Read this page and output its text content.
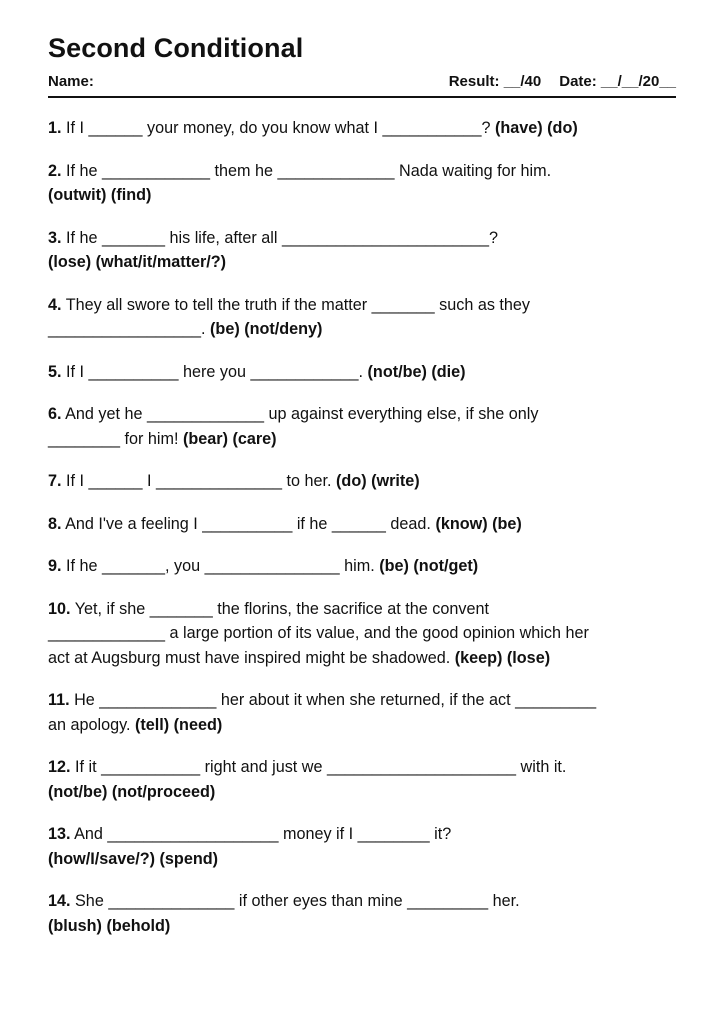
Second Conditional
Name:	Result: __/40 Date: __/__/20__
1. If I ______ your money, do you know what I ___________? (have) (do)
2. If he ____________ them he _____________ Nada waiting for him.
(outwit) (find)
3. If he _______ his life, after all _______________________?
(lose) (what/it/matter/?)
4. They all swore to tell the truth if the matter _______ such as they
_________________. (be) (not/deny)
5. If I __________ here you ____________. (not/be) (die)
6. And yet he _____________ up against everything else, if she only
________ for him! (bear) (care)
7. If I ______ I ______________ to her. (do) (write)
8. And I've a feeling I __________ if he ______ dead. (know) (be)
9. If he _______, you _______________ him. (be) (not/get)
10. Yet, if she _______ the florins, the sacrifice at the convent
_____________ a large portion of its value, and the good opinion which her
act at Augsburg must have inspired might be shadowed. (keep) (lose)
11. He _____________ her about it when she returned, if the act _________
an apology. (tell) (need)
12. If it ___________ right and just we _____________________ with it.
(not/be) (not/proceed)
13. And ___________________ money if I ________ it?
(how/I/save/?) (spend)
14. She ______________ if other eyes than mine _________ her.
(blush) (behold)
